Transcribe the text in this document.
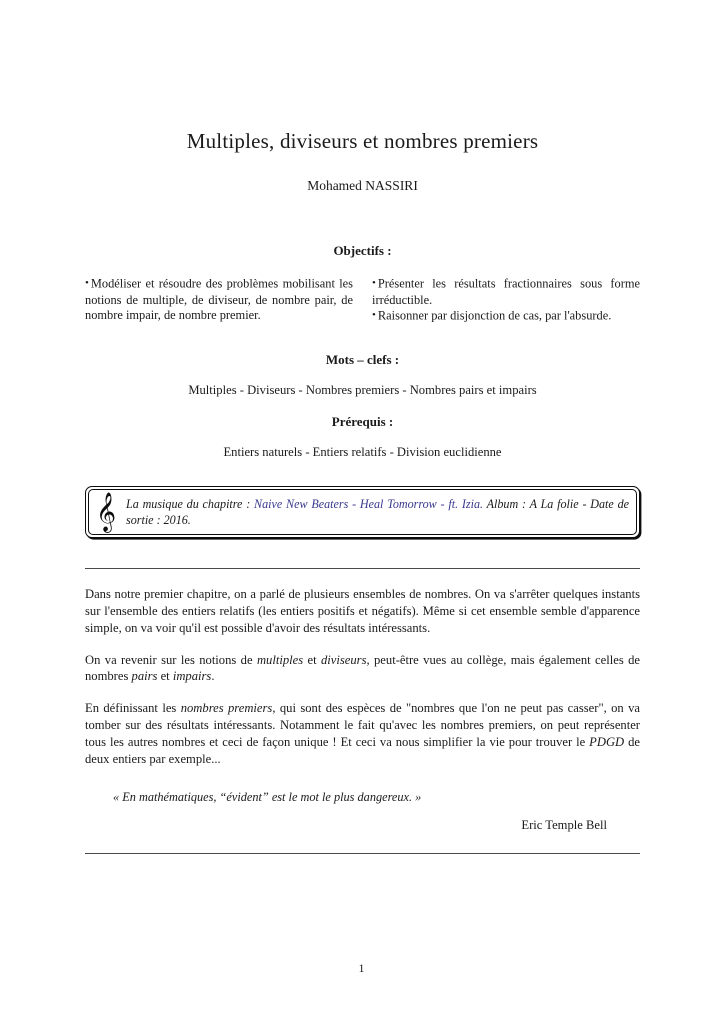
Multiples, diviseurs et nombres premiers

Mohamed NASSIRI

Objectifs :

• Modéliser et résoudre des problèmes mobilisant les notions de multiple, de diviseur, de nombre pair, de nombre impair, de nombre premier.

• Présenter les résultats fractionnaires sous forme irréductible.

• Raisonner par disjonction de cas, par l'absurde.

Mots – clefs :

Multiples - Diviseurs - Nombres premiers - Nombres pairs et impairs

Prérequis :

Entiers naturels - Entiers relatifs - Division euclidienne

𝄞 La musique du chapitre : Naive New Beaters - Heal Tomorrow - ft. Izia. Album : A La folie - Date de sortie : 2016.

Dans notre premier chapitre, on a parlé de plusieurs ensembles de nombres. On va s'arrêter quelques instants sur l'ensemble des entiers relatifs (les entiers positifs et négatifs). Même si cet ensemble semble d'apparence simple, on va voir qu'il est possible d'avoir des résultats intéressants.

On va revenir sur les notions de multiples et diviseurs, peut-être vues au collège, mais également celles de nombres pairs et impairs.

En définissant les nombres premiers, qui sont des espèces de "nombres que l'on ne peut pas casser", on va tomber sur des résultats intéressants. Notamment le fait qu'avec les nombres premiers, on peut représenter tous les autres nombres et ceci de façon unique ! Et ceci va nous simplifier la vie pour trouver le PDGD de deux entiers par exemple...

« En mathématiques, “évident” est le mot le plus dangereux. »

Eric Temple Bell

1
